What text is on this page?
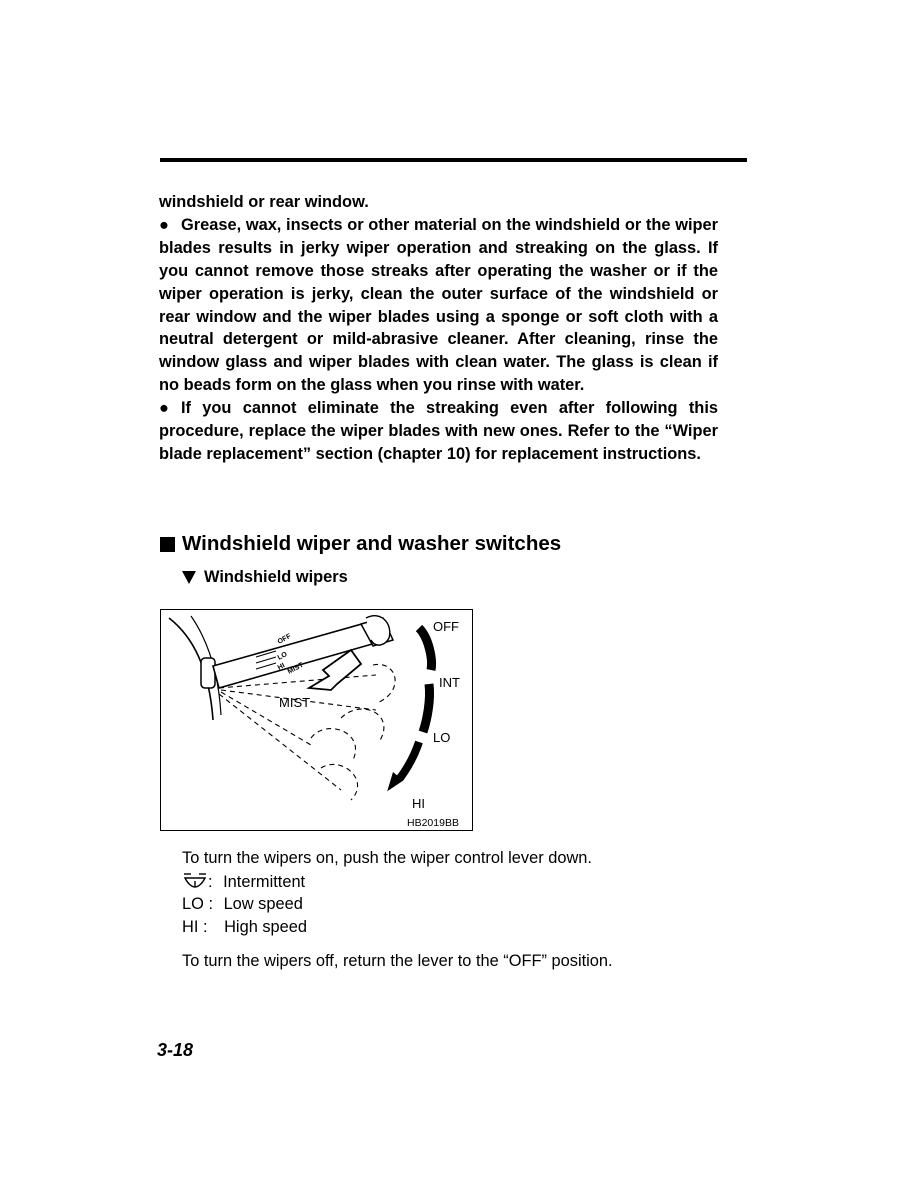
windshield or rear window.

● Grease, wax, insects or other material on the windshield or the wiper blades results in jerky wiper operation and streaking on the glass. If you cannot remove those streaks after operating the washer or if the wiper operation is jerky, clean the outer surface of the windshield or rear window and the wiper blades using a sponge or soft cloth with a neutral detergent or mild-abrasive cleaner. After cleaning, rinse the window glass and wiper blades with clean water. The glass is clean if no beads form on the glass when you rinse with water.

● If you cannot eliminate the streaking even after following this procedure, replace the wiper blades with new ones. Refer to the “Wiper blade replacement” section (chapter 10) for replacement instructions.

Windshield wiper and washer switches
Windshield wipers
OFF
LO
HI MIST
OFF
INT
LO
HI
MIST
HB2019BB
To turn the wipers on, push the wiper control lever down.
: Intermittent
LO : Low speed
HI : High speed
To turn the wipers off, return the lever to the “OFF” position.
3-18
